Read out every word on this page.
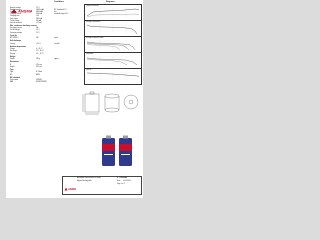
ANSMA
Conditions	Diagrams
Charge characteristics
Discharge characteristics
Discharge at different currents
Temperature
Cycle life
ANSM
ANSMANN Specifications for model	D - 10000mAh
Mignon Rechargeable	Date: 01.01.2013
Page 1 of 1
Nominal voltage	1.2 V
Nominal capacity	10000 mAh	IEC standard 0.2 C
Capacity	9300 mAh	min
Charging current	1000 mA	standard charge 16 h
Charging time	16 h
Fast charge	2000 mA
Trickle charge	300 mA
Internal resistance	≤ 15 mΩ
Max. continuous discharge current
Discharge current	3 A
Cut-off voltage	1.0 V
Operating voltage	1.2 V
Cycle life
IEC 61951-2	500	cycles
Self discharge
Storage	≤ 20 %	1 month
Ambient temperature
Charge	0 ~ 45 °C
Discharge	-20 ~ 60 °C
Storage	-20 ~ 35 °C
Weight
Weight	148 g	approx.
Dimensions
Ø	33.0 mm
Height	59.5 mm
Type
Type	D / Mono
IEC	HR20
IEC standard
Part number	5035182
EAN	4013674035181
